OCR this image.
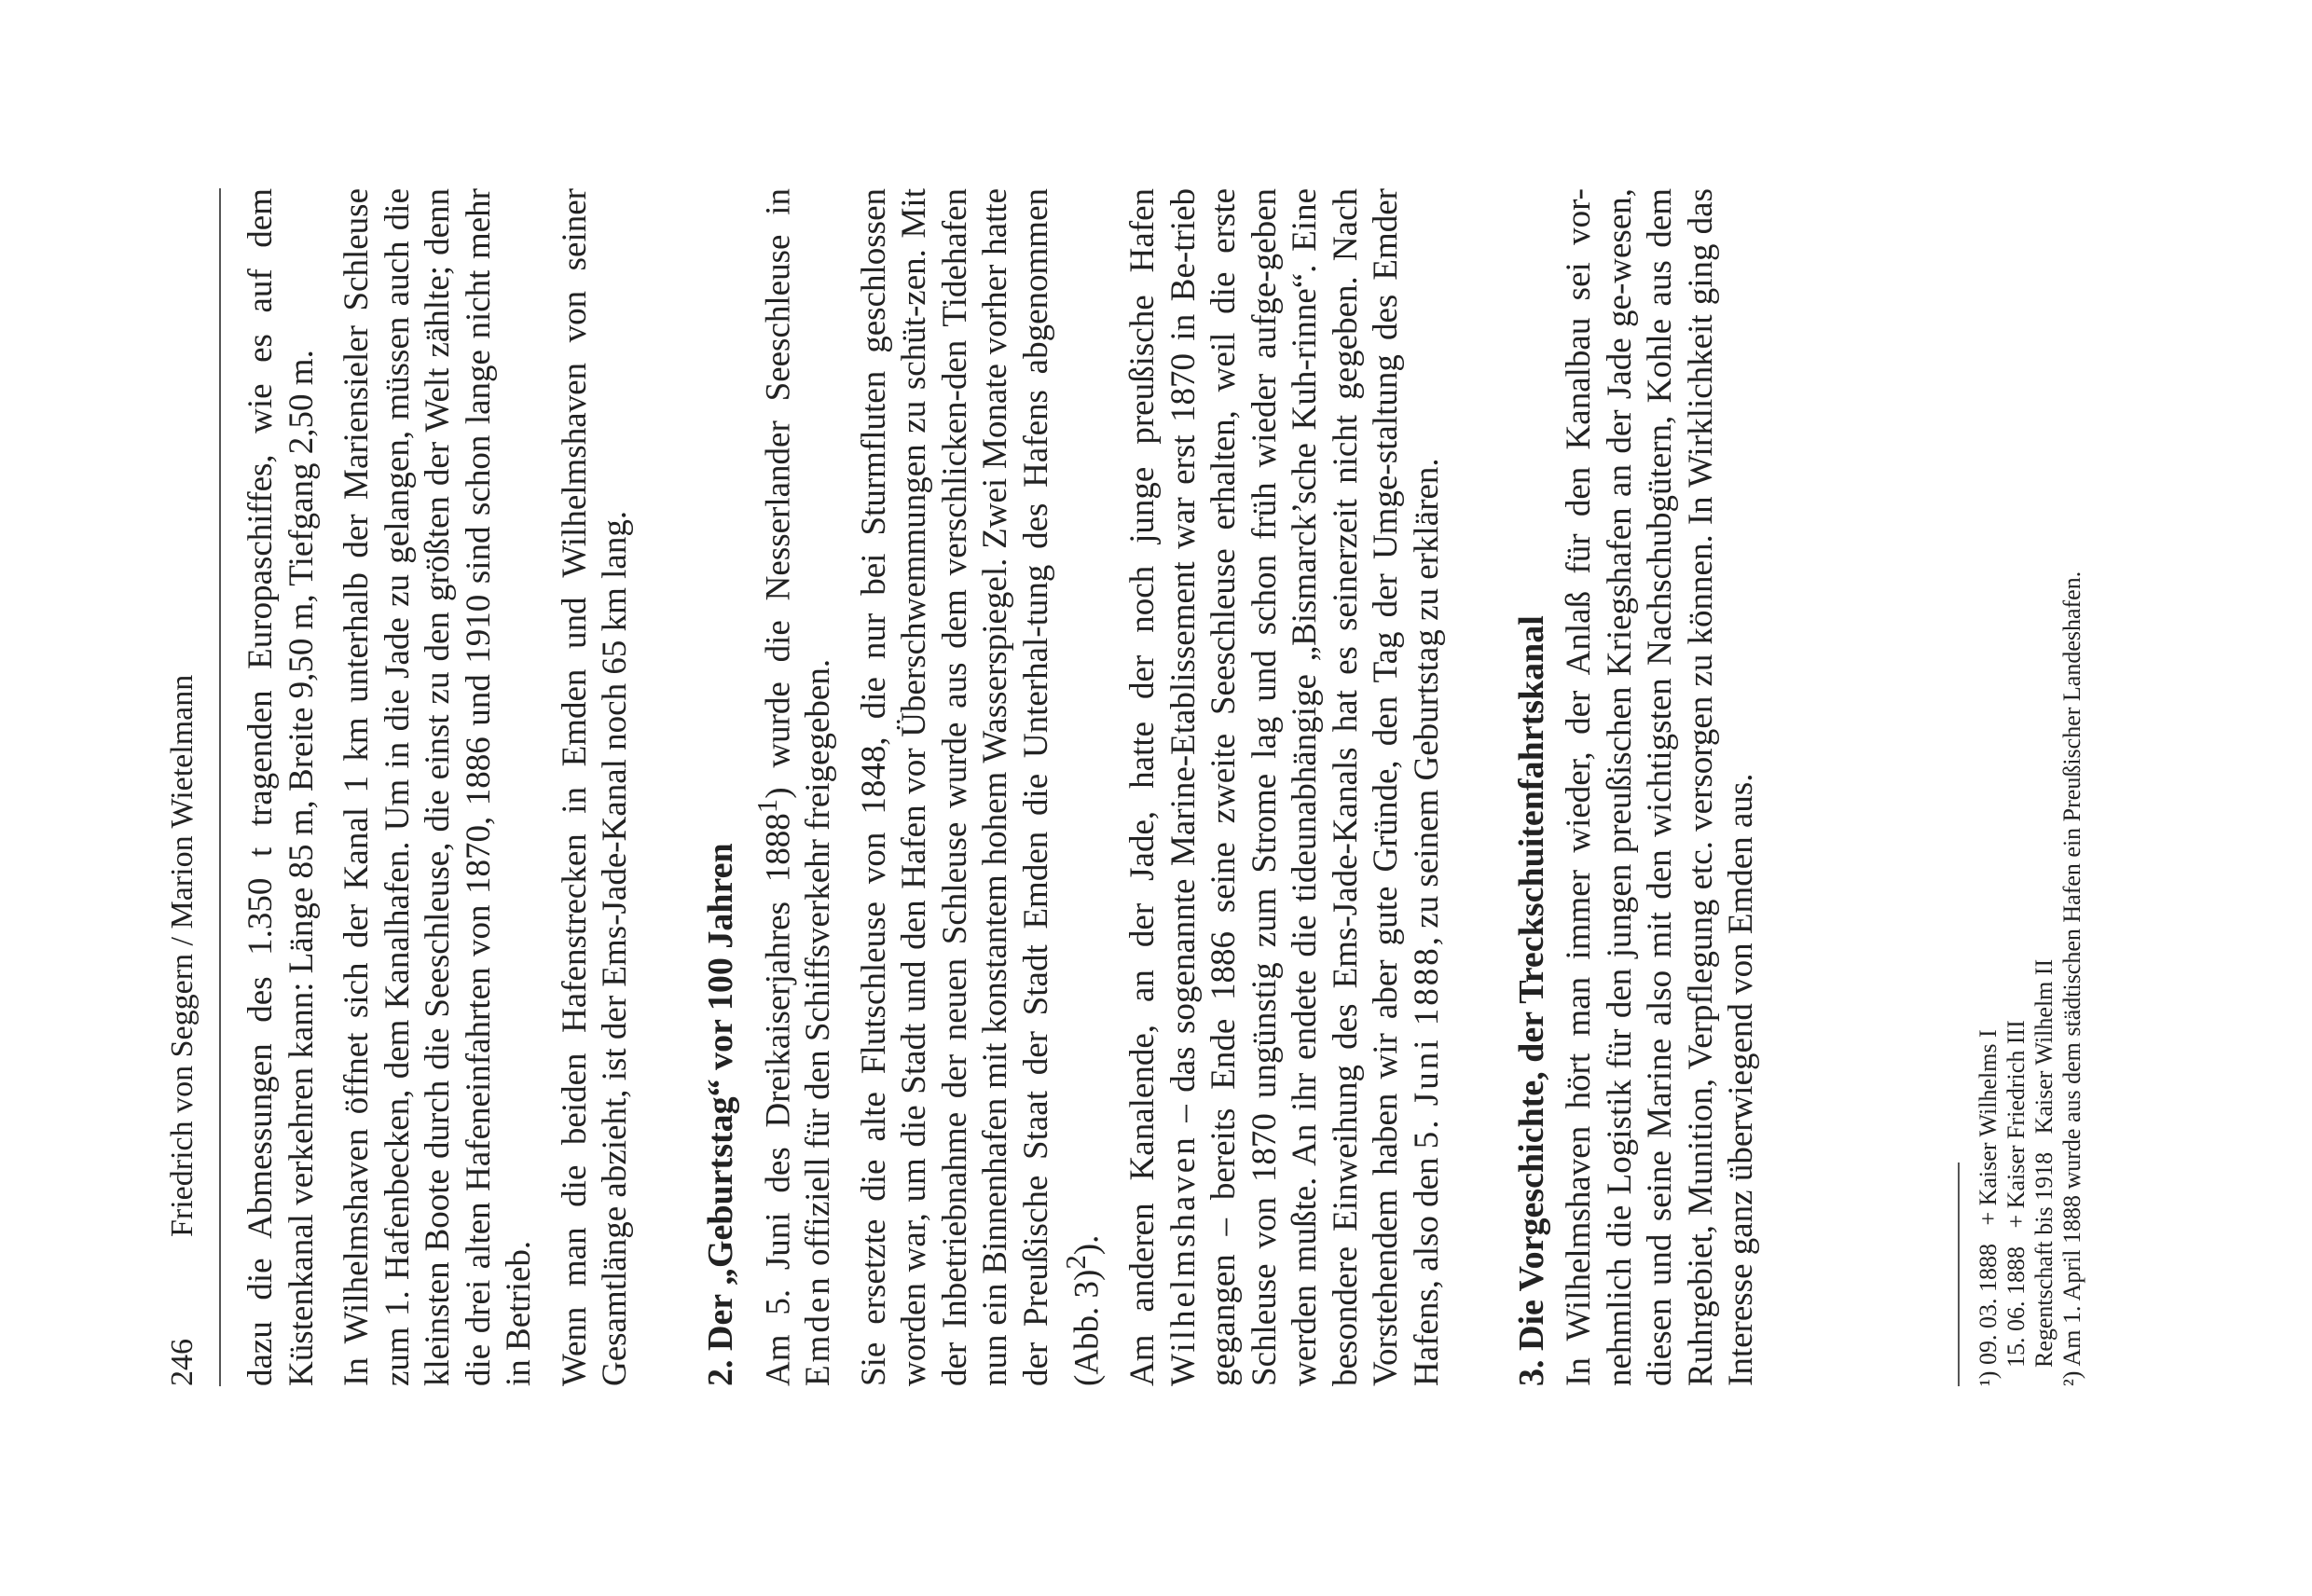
246
Friedrich von Seggern / Marion Wietelmann dazu die Abmessungen des 1.350 t tragenden Europaschiffes, wie es auf dem Küstenkanal verkehren kann: Länge 85 m, Breite 9,50 m, Tiefgang 2,50 m. In Wilhelmshaven öffnet sich der Kanal 1 km unterhalb der Mariensieler Schleuse zum 1. Hafenbecken, dem Kanalhafen. Um in die Jade zu gelangen, müssen auch die kleinsten Boote durch die Seeschleuse, die einst zu den größten der Welt zählte; denn die drei alten Hafeneinfahrten von 1870, 1886 und 1910 sind schon lange nicht mehr in Betrieb. Wenn man die beiden Hafenstrecken in Emden und Wilhelmshaven von seiner Gesamtlänge abzieht, ist der Ems-Jade-Kanal noch 65 km lang. 2. Der „Geburtstag“ vor 100 Jahren Am 5. Juni des Dreikaiserjahres 1888$^1$) wurde die Nesserlander Seeschleuse in Emden offiziell für den Schiffsverkehr freigegeben. Sie ersetzte die alte Flutschleuse von 1848, die nur bei Sturmfluten geschlossen worden war, um die Stadt und den Hafen vor Überschwemmungen zu schüt-zen. Mit der Inbetriebnahme der neuen Schleuse wurde aus dem verschlicken-den Tidehafen nun ein Binnenhafen mit konstantem hohem Wasserspiegel. Zwei Monate vorher hatte der Preußische Staat der Stadt Emden die Unterhal-tung des Hafens abgenommen (Abb. 3)$^2$). Am anderen Kanalende, an der Jade, hatte der noch junge preußische Hafen Wilhelmshaven – das sogenannte Marine-Etablissement war erst 1870 in Be-trieb gegangen – bereits Ende 1886 seine zweite Seeschleuse erhalten, weil die erste Schleuse von 1870 ungünstig zum Strome lag und schon früh wieder aufge-geben werden mußte. An ihr endete die tideunabhängige „Bismarck’sche Kuh-rinne“. Eine besondere Einweihung des Ems-Jade-Kanals hat es seinerzeit nicht gegeben. Nach Vorstehendem haben wir aber gute Gründe, den Tag der Umge-staltung des Emder Hafens, also den 5. Juni 1888, zu seinem Geburtstag zu erklären. 3. Die Vorgeschichte, der Treckschuitenfahrtskanal In Wilhelmshaven hört man immer wieder, der Anlaß für den Kanalbau sei vor-nehmlich die Logistik für den jungen preußischen Kriegshafen an der Jade ge-wesen, diesen und seine Marine also mit den wichtigsten Nachschubgütern, Kohle aus dem Ruhrgebiet, Munition, Verpflegung etc. versorgen zu können. In Wirklichkeit ging das Interesse ganz überwiegend von Emden aus.	¹) 09. 03. 1888   + Kaiser Wilhelms I 15. 06. 1888   + Kaiser Friedrich III Regentschaft bis 1918   Kaiser Wilhelm II ²) Am 1. April 1888 wurde aus dem städtischen Hafen ein Preußischer Landeshafen.
